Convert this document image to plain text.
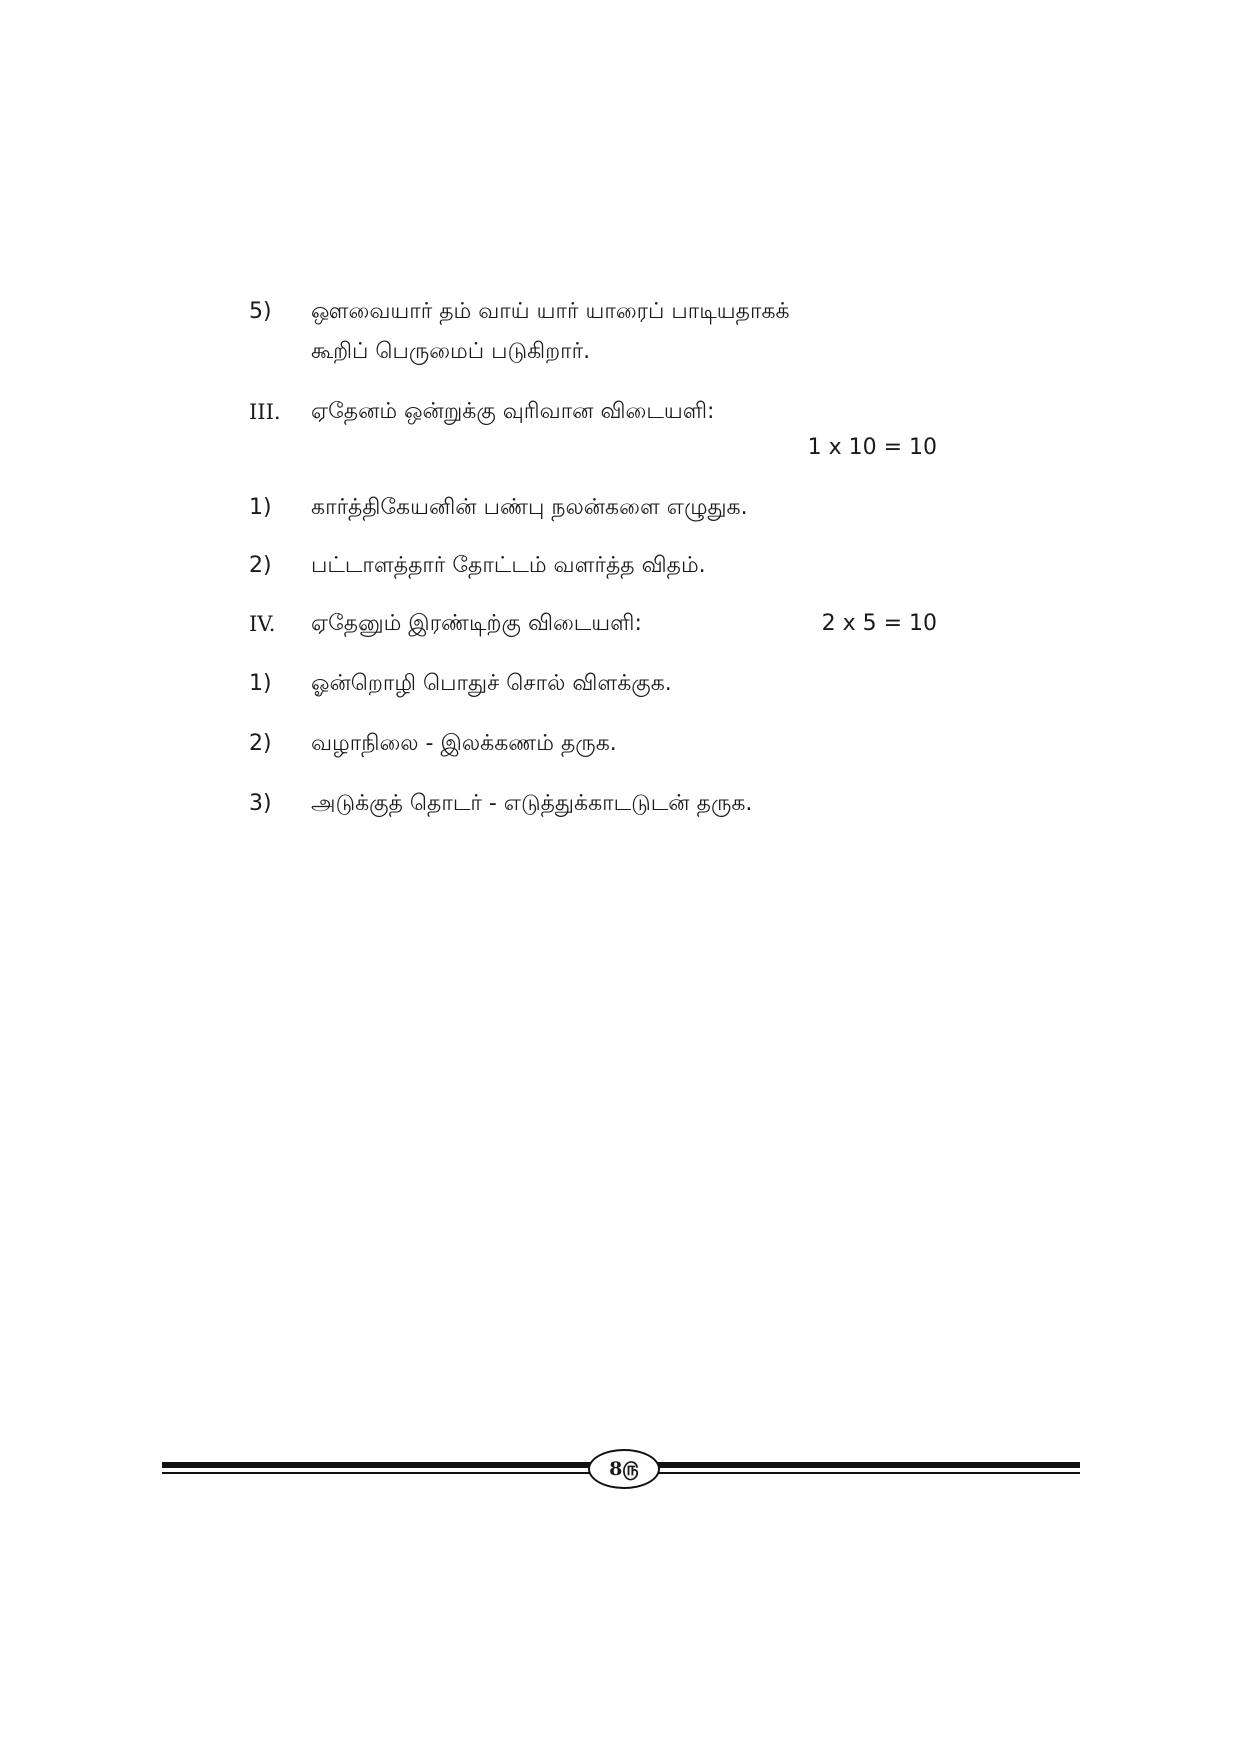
5)	ஔவையார் தம் வாய் யார் யாரைப் பாடியதாகக்
கூறிப் பெருமைப் படுகிறார்.
III.	ஏதேனம் ஒன்றுக்கு வுரிவான விடையளி:
1 x 10 = 10
1)	கார்த்திகேயனின் பண்பு நலன்களை எழுதுக.
2)	பட்டாளத்தார் தோட்டம் வளர்த்த விதம்.
IV.	ஏதேனும் இரண்டிற்கு விடையளி:	2 x 5 = 10
1)	ஓன்றொழி பொதுச் சொல் விளக்குக.
2)	வழாநிலை - இலக்கணம் தருக.
3)	அடுக்குத் தொடர் - எடுத்துக்காடடுடன் தருக.
8௫
